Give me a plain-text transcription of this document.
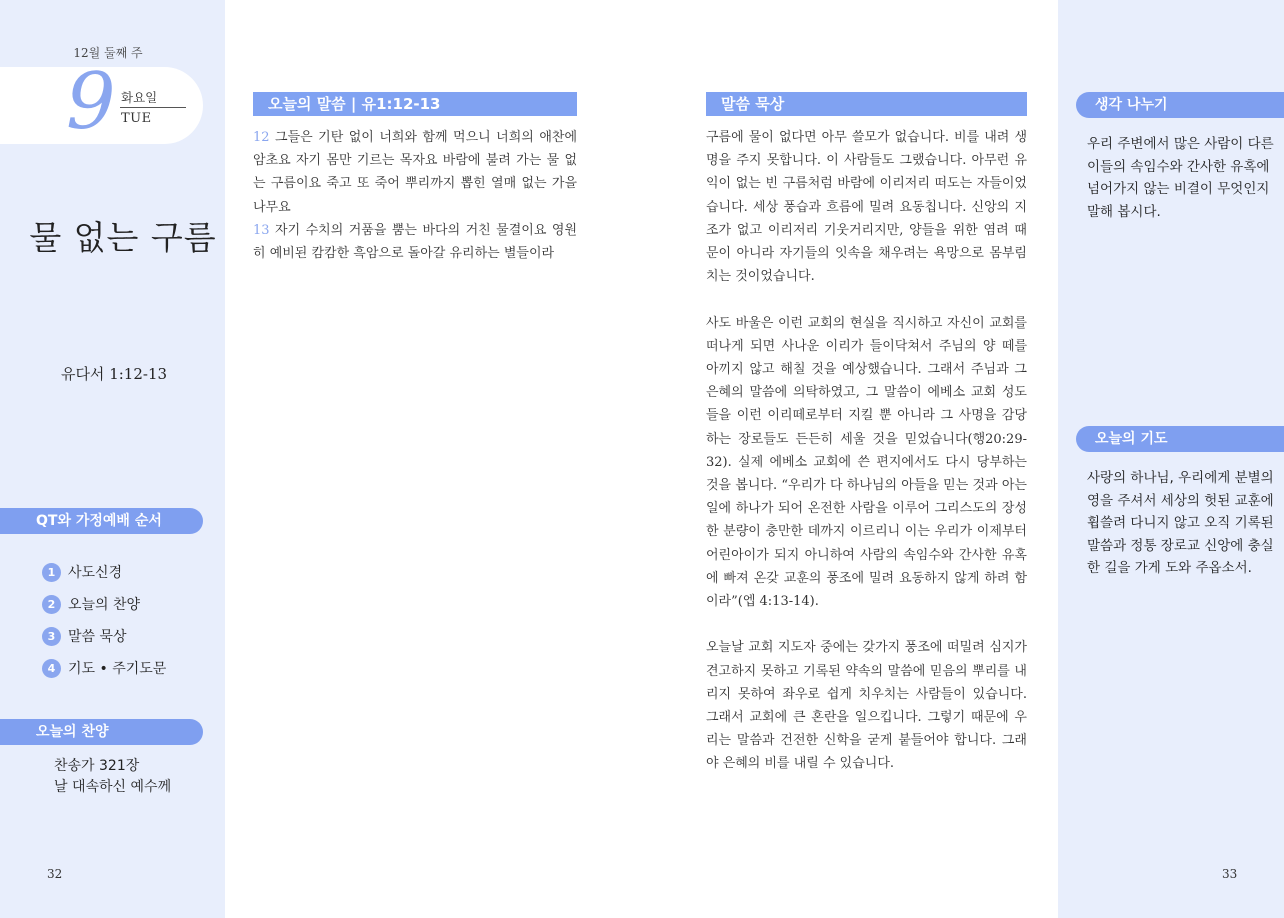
12월 둘째 주
9 화요일
TUE
물 없는 구름
유다서 1:12-13
QT와 가정예배 순서
1 사도신경
2 오늘의 찬양
3 말씀 묵상
4 기도 • 주기도문
오늘의 찬양
찬송가 321장
날 대속하신 예수께
32
오늘의 말씀 | 유1:12-13
12 그들은 기탄 없이 너희와 함께 먹으니 너희의 애찬에 암초요 자기 몸만 기르는 목자요 바람에 불려 가는 물 없는 구름이요 죽고 또 죽어 뿌리까지 뽑힌 열매 없는 가을 나무요
13 자기 수치의 거품을 뿜는 바다의 거친 물결이요 영원히 예비된 캄캄한 흑암으로 돌아갈 유리하는 별들이라
말씀 묵상

구름에 물이 없다면 아무 쓸모가 없습니다. 비를 내려 생명을 주지 못합니다. 이 사람들도 그랬습니다. 아무런 유익이 없는 빈 구름처럼 바람에 이리저리 떠도는 자들이었습니다. 세상 풍습과 흐름에 밀려 요동칩니다. 신앙의 지조가 없고 이리저리 기웃거리지만, 양들을 위한 염려 때문이 아니라 자기들의 잇속을 채우려는 욕망으로 몸부림치는 것이었습니다.

사도 바울은 이런 교회의 현실을 직시하고 자신이 교회를 떠나게 되면 사나운 이리가 들이닥쳐서 주님의 양 떼를 아끼지 않고 해칠 것을 예상했습니다. 그래서 주님과 그 은혜의 말씀에 의탁하였고, 그 말씀이 에베소 교회 성도들을 이런 이리떼로부터 지킬 뿐 아니라 그 사명을 감당하는 장로들도 든든히 세울 것을 믿었습니다(행20:29-32). 실제 에베소 교회에 쓴 편지에서도 다시 당부하는 것을 봅니다. “우리가 다 하나님의 아들을 믿는 것과 아는 일에 하나가 되어 온전한 사람을 이루어 그리스도의 장성한 분량이 충만한 데까지 이르리니 이는 우리가 이제부터 어린아이가 되지 아니하여 사람의 속임수와 간사한 유혹에 빠져 온갖 교훈의 풍조에 밀려 요동하지 않게 하려 함이라”(엡 4:13-14).

오늘날 교회 지도자 중에는 갖가지 풍조에 떠밀려 심지가 견고하지 못하고 기록된 약속의 말씀에 믿음의 뿌리를 내리지 못하여 좌우로 쉽게 치우치는 사람들이 있습니다. 그래서 교회에 큰 혼란을 일으킵니다. 그렇기 때문에 우리는 말씀과 건전한 신학을 굳게 붙들어야 합니다. 그래야 은혜의 비를 내릴 수 있습니다.

생각 나누기
우리 주변에서 많은 사람이 다른 이들의 속임수와 간사한 유혹에 넘어가지 않는 비결이 무엇인지 말해 봅시다.
오늘의 기도
사랑의 하나님, 우리에게 분별의 영을 주셔서 세상의 헛된 교훈에 휩쓸려 다니지 않고 오직 기록된 말씀과 정통 장로교 신앙에 충실한 길을 가게 도와 주옵소서.
33
